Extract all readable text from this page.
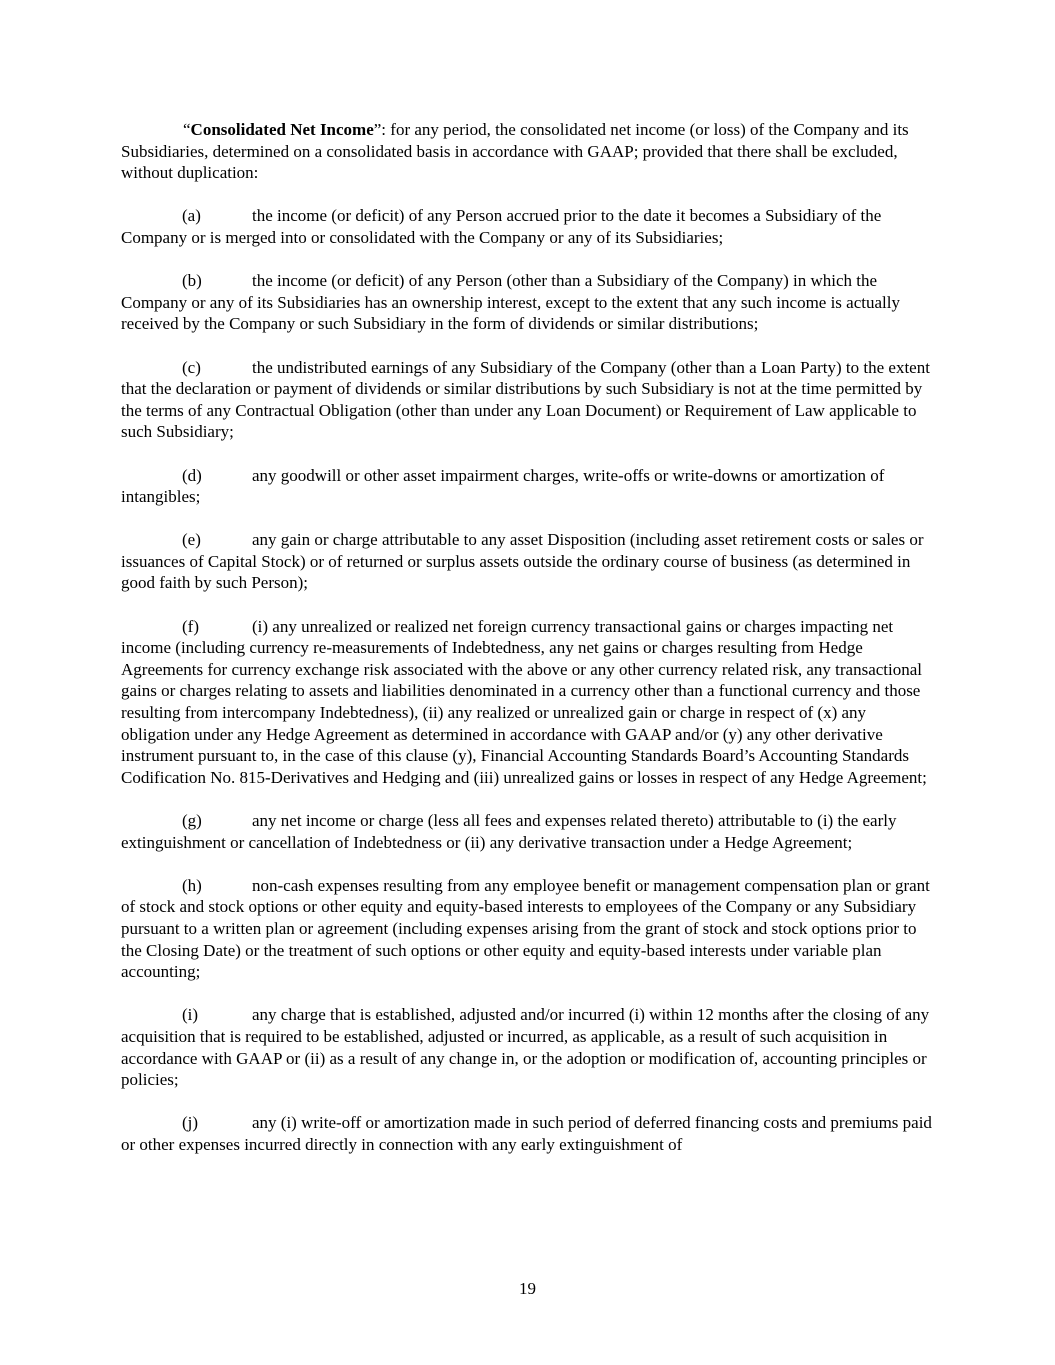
“Consolidated Net Income”: for any period, the consolidated net income (or loss) of the Company and its Subsidiaries, determined on a consolidated basis in accordance with GAAP; provided that there shall be excluded, without duplication:

(a)	the income (or deficit) of any Person accrued prior to the date it becomes a Subsidiary of the Company or is merged into or consolidated with the Company or any of its Subsidiaries;

(b)	the income (or deficit) of any Person (other than a Subsidiary of the Company) in which the Company or any of its Subsidiaries has an ownership interest, except to the extent that any such income is actually received by the Company or such Subsidiary in the form of dividends or similar distributions;

(c)	the undistributed earnings of any Subsidiary of the Company (other than a Loan Party) to the extent that the declaration or payment of dividends or similar distributions by such Subsidiary is not at the time permitted by the terms of any Contractual Obligation (other than under any Loan Document) or Requirement of Law applicable to such Subsidiary;

(d)	any goodwill or other asset impairment charges, write-offs or write-downs or amortization of intangibles;

(e)	any gain or charge attributable to any asset Disposition (including asset retirement costs or sales or issuances of Capital Stock) or of returned or surplus assets outside the ordinary course of business (as determined in good faith by such Person);

(f)	(i) any unrealized or realized net foreign currency transactional gains or charges impacting net income (including currency re-measurements of Indebtedness, any net gains or charges resulting from Hedge Agreements for currency exchange risk associated with the above or any other currency related risk, any transactional gains or charges relating to assets and liabilities denominated in a currency other than a functional currency and those resulting from intercompany Indebtedness), (ii) any realized or unrealized gain or charge in respect of (x) any obligation under any Hedge Agreement as determined in accordance with GAAP and/or (y) any other derivative instrument pursuant to, in the case of this clause (y), Financial Accounting Standards Board’s Accounting Standards Codification No. 815-Derivatives and Hedging and (iii) unrealized gains or losses in respect of any Hedge Agreement;

(g)	any net income or charge (less all fees and expenses related thereto) attributable to (i) the early extinguishment or cancellation of Indebtedness or (ii) any derivative transaction under a Hedge Agreement;

(h)	non-cash expenses resulting from any employee benefit or management compensation plan or grant of stock and stock options or other equity and equity-based interests to employees of the Company or any Subsidiary pursuant to a written plan or agreement (including expenses arising from the grant of stock and stock options prior to the Closing Date) or the treatment of such options or other equity and equity-based interests under variable plan accounting;

(i)	any charge that is established, adjusted and/or incurred (i) within 12 months after the closing of any acquisition that is required to be established, adjusted or incurred, as applicable, as a result of such acquisition in accordance with GAAP or (ii) as a result of any change in, or the adoption or modification of, accounting principles or policies;

(j)	any (i) write-off or amortization made in such period of deferred financing costs and premiums paid or other expenses incurred directly in connection with any early extinguishment of

19
